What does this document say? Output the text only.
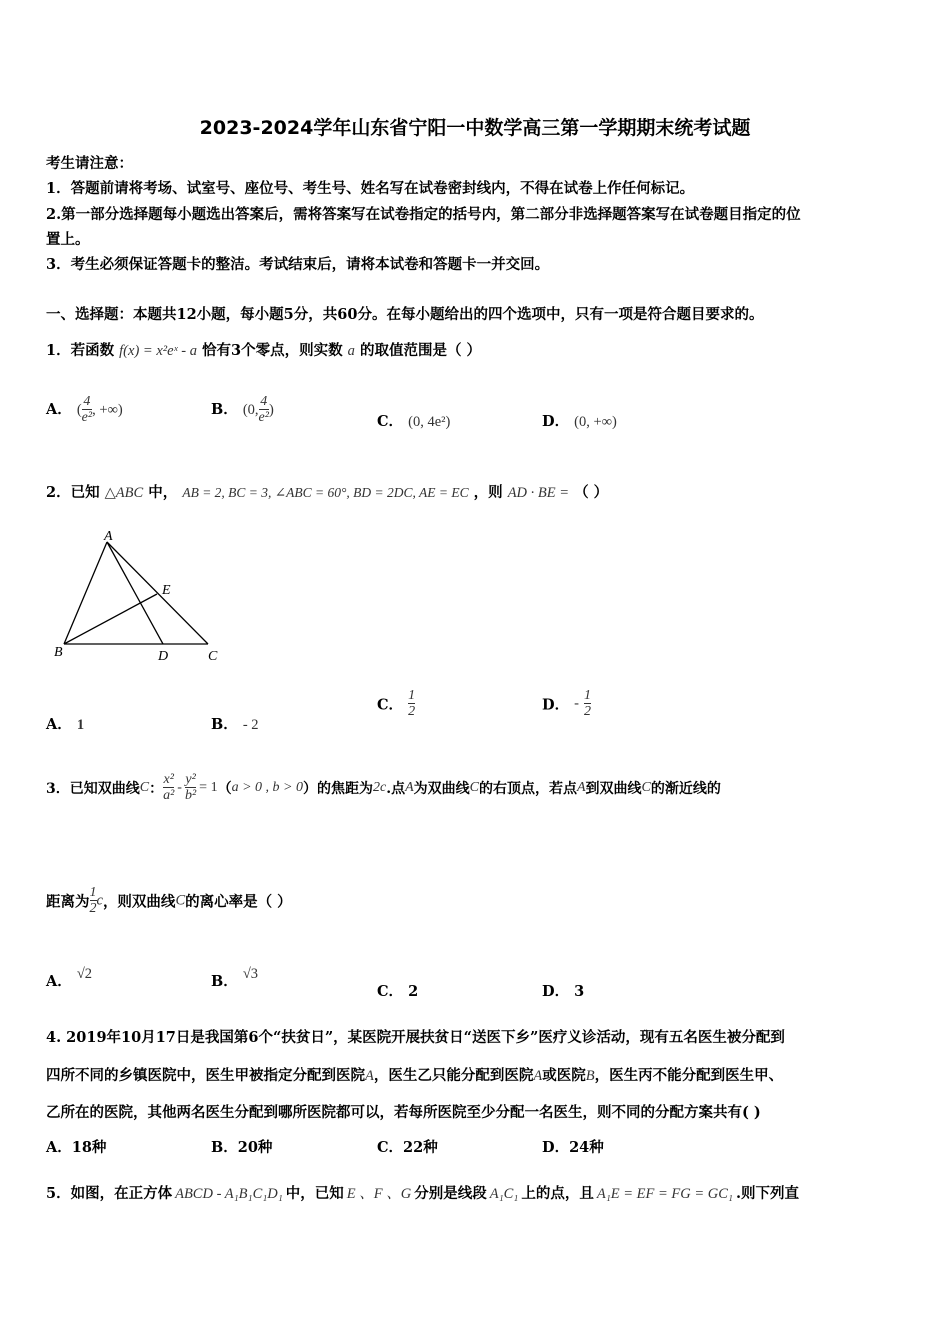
2023-2024学年山东省宁阳一中数学高三第一学期期末统考试题
考生请注意：
1．答题前请将考场、试室号、座位号、考生号、姓名写在试卷密封线内，不得在试卷上作任何标记。
2.第一部分选择题每小题选出答案后，需将答案写在试卷指定的括号内，第二部分非选择题答案写在试卷题目指定的位
置上。
3．考生必须保证答题卡的整洁。考试结束后，请将本试卷和答题卡一并交回。
一、选择题：本题共12小题，每小题5分，共60分。在每小题给出的四个选项中，只有一项是符合题目要求的。
1．若函数 f(x) = x²eˣ - a 恰有3个零点，则实数 a 的取值范围是（ ）
A． ( $\frac{4}{\text{e²}}$ , +∞)	B． (0, $\frac{4}{\text{e²}}$ )
C． (0, 4e²)	D． (0, +∞)
2．已知 △ABC 中， AB = 2, BC = 3, ∠ABC = 60°, BD = 2DC, AE = EC ，则 AD · BE = （ ）
A
B	D	C
E
A． 1	B． - 2
C． $\frac{1}{2}$	D． - $\frac{1}{2}$
3．已知双曲线C： $\frac{\text{x²}}{\text{a²}} - \frac{\text{y²}}{\text{b²}} = 1(a > 0$ , b > 0）的焦距为2c.点A为双曲线C的右顶点，若点A到双曲线C的渐近线的
距离为 $\frac{1}{2}$ c，则双曲线C的离心率是（ ）
A． √2	B． √3
C． 2	D． 3
4. 2019年10月17日是我国第6个“扶贫日”，某医院开展扶贫日“送医下乡”医疗义诊活动，现有五名医生被分配到
四所不同的乡镇医院中，医生甲被指定分配到医院A，医生乙只能分配到医院A或医院B，医生丙不能分配到医生甲、
乙所在的医院，其他两名医生分配到哪所医院都可以，若每所医院至少分配一名医生，则不同的分配方案共有( )
A．18种	B．20种	C．22种	D．24种
5．如图，在正方体 ABCD - A₁B₁C₁D₁ 中，已知 E 、F 、G 分别是线段 A₁C₁ 上的点，且 A₁E = EF = FG = GC₁ .则下列直
